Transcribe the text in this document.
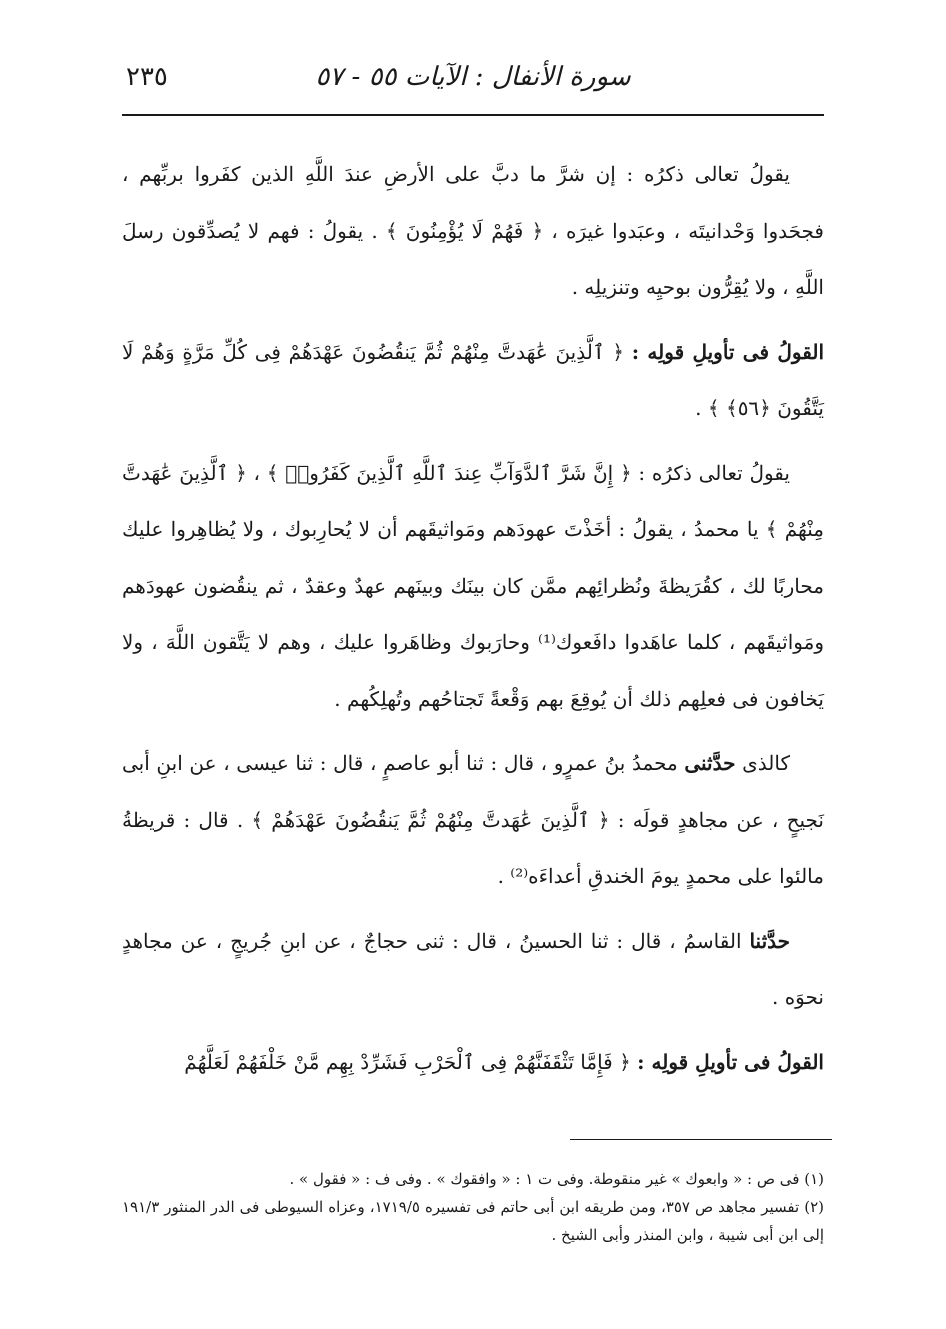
٢٣٥	سورة الأنفال : الآيات ٥٥ - ٥٧

يقولُ تعالى ذكرُه : إن شرَّ ما دبَّ على الأرضِ عندَ اللَّهِ الذين كفَروا بربِّهم ، فجحَدوا وَحْدانيتَه ، وعبَدوا غيرَه ، ﴿ فَهُمْ لَا يُؤْمِنُونَ ﴾ . يقولُ : فهم لا يُصدِّقون رسلَ اللَّهِ ، ولا يُقِرُّون بوحيِه وتنزيلِه .

القولُ فى تأويلِ قولِه : ﴿ ٱلَّذِينَ عَٰهَدتَّ مِنْهُمْ ثُمَّ يَنقُضُونَ عَهْدَهُمْ فِى كُلِّ مَرَّةٍ وَهُمْ لَا يَتَّقُونَ ﴿٥٦﴾ ﴾ .

يقولُ تعالى ذكرُه : ﴿ إِنَّ شَرَّ ٱلدَّوَآبِّ عِندَ ٱللَّهِ ٱلَّذِينَ كَفَرُوا۟ ﴾ ، ﴿ ٱلَّذِينَ عَٰهَدتَّ مِنْهُمْ ﴾ يا محمدُ ، يقولُ : أخَذْتَ عهودَهم ومَواثيقَهم أن لا يُحارِبوك ، ولا يُظاهِروا عليك محاربًا لك ، كقُرَيظةَ ونُظرائِهم ممَّن كان بينَك وبينَهم عهدٌ وعقدٌ ، ثم ينقُضون عهودَهم ومَواثيقَهم ، كلما عاهَدوا دافَعوك⁽¹⁾ وحارَبوك وظاهَروا عليك ، وهم لا يَتَّقون اللَّهَ ، ولا يَخافون فى فعلِهم ذلك أن يُوقِعَ بهم وَقْعةً تَجتاحُهم وتُهلِكُهم .

كالذى حدَّثنى محمدُ بنُ عمرٍو ، قال : ثنا أبو عاصمٍ ، قال : ثنا عيسى ، عن ابنِ أبى نَجيحٍ ، عن مجاهدٍ قولَه : ﴿ ٱلَّذِينَ عَٰهَدتَّ مِنْهُمْ ثُمَّ يَنقُضُونَ عَهْدَهُمْ ﴾ . قال : قريظةُ مالئوا على محمدٍ يومَ الخندقِ أعداءَه⁽²⁾ .

حدَّثنا القاسمُ ، قال : ثنا الحسينُ ، قال : ثنى حجاجٌ ، عن ابنِ جُريجٍ ، عن مجاهدٍ نحوَه .

القولُ فى تأويلِ قولِه : ﴿ فَإِمَّا تَثْقَفَنَّهُمْ فِى ٱلْحَرْبِ فَشَرِّدْ بِهِم مَّنْ خَلْفَهُمْ لَعَلَّهُمْ

(١) فى ص : « وابعوك » غير منقوطة. وفى ت ١ : « وافقوك » . وفى ف : « فقول » .

(٢) تفسير مجاهد ص ٣٥٧، ومن طريقه ابن أبى حاتم فى تفسيره ١٧١٩/٥، وعزاه السيوطى فى الدر المنثور ١٩١/٣ إلى ابن أبى شيبة ، وابن المنذر وأبى الشيخ .
